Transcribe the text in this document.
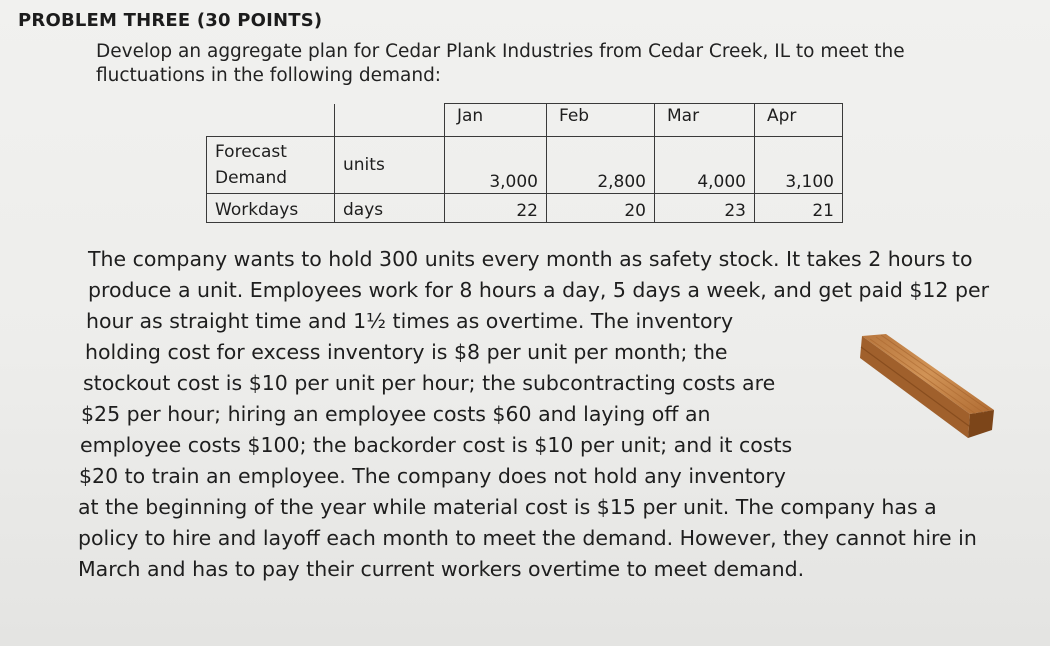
PROBLEM THREE (30 POINTS)
Develop an aggregate plan for Cedar Plank Industries from Cedar Creek, IL to meet the
fluctuations in the following demand:
		Jan	Feb	Mar	Apr

Forecast
Demand	units	3,000	2,800	4,000	3,100
Workdays	days	22	20	23	21
The company wants to hold 300 units every month as safety stock. It takes 2 hours to
produce a unit. Employees work for 8 hours a day, 5 days a week, and get paid $12 per
hour as straight time and 1½ times as overtime. The inventory
holding cost for excess inventory is $8 per unit per month; the
stockout cost is $10 per unit per hour; the subcontracting costs are
$25 per hour; hiring an employee costs $60 and laying off an
employee costs $100; the backorder cost is $10 per unit; and it costs
$20 to train an employee. The company does not hold any inventory
at the beginning of the year while material cost is $15 per unit. The company has a
policy to hire and layoff each month to meet the demand. However, they cannot hire in
March and has to pay their current workers overtime to meet demand.
